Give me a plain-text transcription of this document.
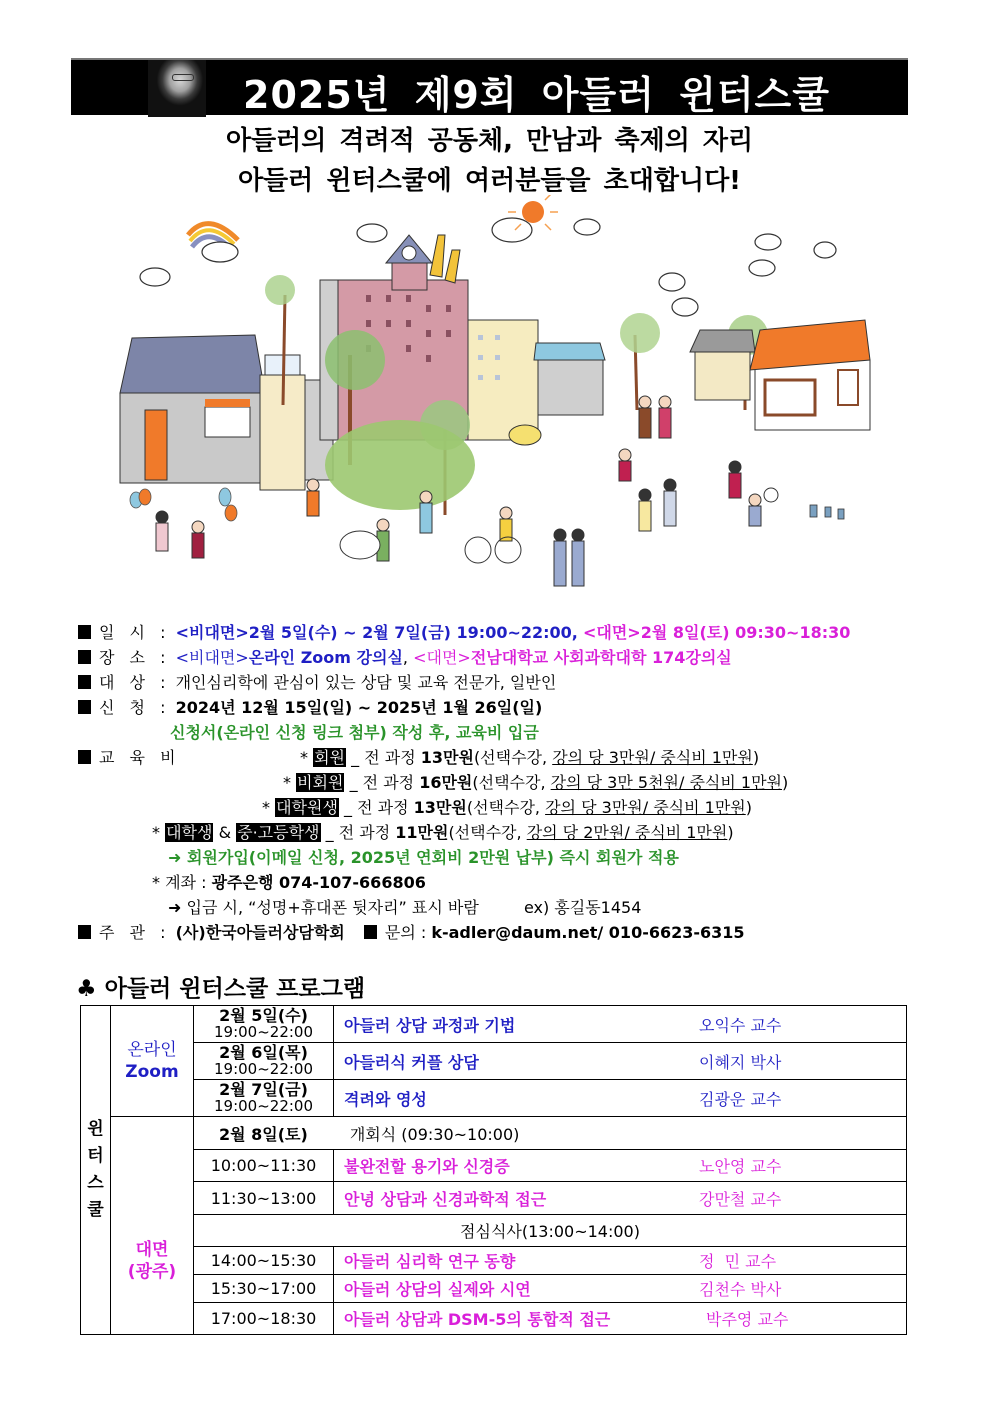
2025년 제9회 아들러 윈터스쿨
아들러의 격려적 공동체, 만남과 축제의 자리
아들러 윈터스쿨에 여러분들을 초대합니다!
일 시 : <비대면>2월 5일(수) ~ 2월 7일(금) 19:00~22:00, <대면>2월 8일(토) 09:30~18:30
장 소 : <비대면>온라인 Zoom 강의실, <대면>전남대학교 사회과학대학 174강의실
대 상 : 개인심리학에 관심이 있는 상담 및 교육 전문가, 일반인
신 청 : 2024년 12월 15일(일) ~ 2025년 1월 26일(일)
신청서(온라인 신청 링크 첨부) 작성 후, 교육비 입금
교 육 비	* 회원 _ 전 과정 13만원(선택수강, 강의 당 3만원/ 중식비 1만원)
* 비회원 _ 전 과정 16만원(선택수강, 강의 당 3만 5천원/ 중식비 1만원)
* 대학원생 _ 전 과정 13만원(선택수강, 강의 당 3만원/ 중식비 1만원)
* 대학생 & 중·고등학생 _ 전 과정 11만원(선택수강, 강의 당 2만원/ 중식비 1만원)
➜ 회원가입(이메일 신청, 2025년 연회비 2만원 납부) 즉시 회원가 적용
* 계좌 : 광주은행 074-107-666806
➜ 입금 시, “성명+휴대폰 뒷자리” 표시 바람	ex) 홍길동1454
주 관 : (사)한국아들러상담학회	문의 : k-adler@daum.net/ 010-6623-6315
♣ 아들러 윈터스쿨 프로그램
윈
터
스
쿨
온라인
Zoom
대면
(광주)
2월 5일(수)
19:00~22:00 아들러 상담 과정과 기법	오익수 교수
2월 6일(목)
19:00~22:00 아들러식 커플 상담	이혜지 박사
2월 7일(금)
19:00~22:00 격려와 영성	김광운 교수
2월 8일(토)	개회식 (09:30~10:00)
10:00~11:30 불완전할 용기와 신경증	노안영 교수
11:30~13:00 안녕 상담과 신경과학적 접근	강만철 교수
점심식사(13:00~14:00)
14:00~15:30 아들러 심리학 연구 동향	정  민 교수
15:30~17:00 아들러 상담의 실제와 시연	김천수 박사
17:00~18:30 아들러 상담과 DSM-5의 통합적 접근	박주영 교수
